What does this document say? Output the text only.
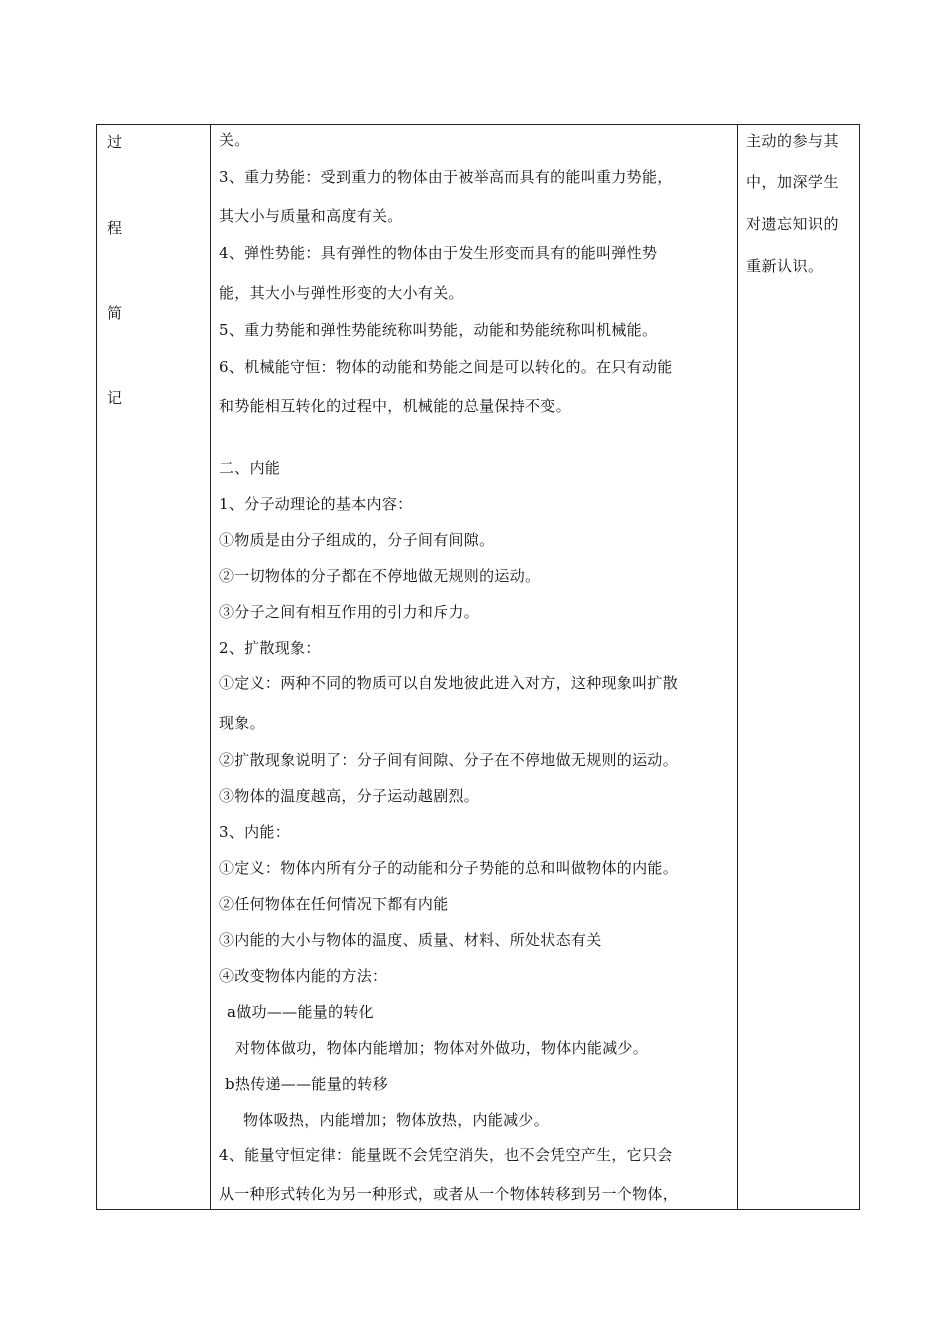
过
程
简
记
关。
3、重力势能：受到重力的物体由于被举高而具有的能叫重力势能，
其大小与质量和高度有关。
4、弹性势能：具有弹性的物体由于发生形变而具有的能叫弹性势
能，其大小与弹性形变的大小有关。
5、重力势能和弹性势能统称叫势能，动能和势能统称叫机械能。
6、机械能守恒：物体的动能和势能之间是可以转化的。在只有动能
和势能相互转化的过程中，机械能的总量保持不变。
二、内能
1、分子动理论的基本内容：
①物质是由分子组成的，分子间有间隙。
②一切物体的分子都在不停地做无规则的运动。
③分子之间有相互作用的引力和斥力。
2、扩散现象：
①定义：两种不同的物质可以自发地彼此进入对方，这种现象叫扩散
现象。
②扩散现象说明了：分子间有间隙、分子在不停地做无规则的运动。
③物体的温度越高，分子运动越剧烈。
3、内能：
①定义：物体内所有分子的动能和分子势能的总和叫做物体的内能。
②任何物体在任何情况下都有内能
③内能的大小与物体的温度、质量、材料、所处状态有关
④改变物体内能的方法：
a做功——能量的转化
对物体做功，物体内能增加；物体对外做功，物体内能减少。
b热传递——能量的转移
物体吸热，内能增加；物体放热，内能减少。
4、能量守恒定律：能量既不会凭空消失，也不会凭空产生，它只会
从一种形式转化为另一种形式，或者从一个物体转移到另一个物体，
主动的参与其
中，加深学生
对遗忘知识的
重新认识。
